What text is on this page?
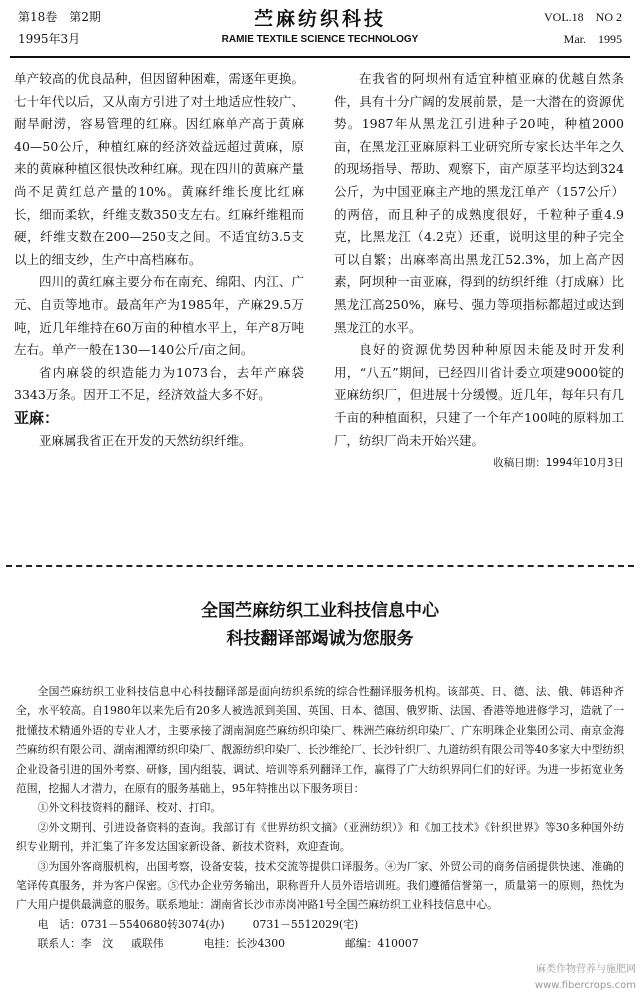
第18卷　第2期
1995年3月
苎麻纺织科技
RAMIE TEXTILE SCIENCE TECHNOLOGY
VOL.18　NO 2
Mar.　1995

单产较高的优良品种，但因留种困难，需逐年更换。七十年代以后，又从南方引进了对土地适应性较广、耐旱耐涝，容易管理的红麻。因红麻单产高于黄麻40—50公斤，种植红麻的经济效益远超过黄麻，原来的黄麻种植区很快改种红麻。现在四川的黄麻产量尚不足黄红总产量的10%。黄麻纤维长度比红麻长，细而柔软，纤维支数350支左右。红麻纤维粗而硬，纤维支数在200—250支之间。不适宜纺3.5支以上的细支纱，生产中高档麻布。

四川的黄红麻主要分布在南充、绵阳、内江、广元、自贡等地市。最高年产为1985年，产麻29.5万吨，近几年维持在60万亩的种植水平上，年产8万吨左右。单产一般在130—140公斤/亩之间。

省内麻袋的织造能力为1073台，去年产麻袋3343万条。因开工不足，经济效益大多不好。

亚麻：

亚麻属我省正在开发的天然纺织纤维。

在我省的阿坝州有适宜种植亚麻的优越自然条件，具有十分广阔的发展前景，是一大潜在的资源优势。1987年从黑龙江引进种子20吨，种植2000亩，在黑龙江亚麻原料工业研究所专家长达半年之久的现场指导、帮助、观察下，亩产原茎平均达到324公斤，为中国亚麻主产地的黑龙江单产（157公斤）的两倍，而且种子的成熟度很好，千粒种子重4.9克，比黑龙江（4.2克）还重，说明这里的种子完全可以自繁；出麻率高出黑龙江52.3%，加上高产因素，阿坝种一亩亚麻，得到的纺织纤维（打成麻）比黑龙江高250%，麻号、强力等项指标都超过或达到黑龙江的水平。

良好的资源优势因种种原因未能及时开发利用，“八五”期间，已经四川省计委立项建9000锭的亚麻纺织厂，但进展十分缓慢。近几年，每年只有几千亩的种植面积，只建了一个年产100吨的原料加工厂，纺织厂尚未开始兴建。

收稿日期：1994年10月3日

全国苎麻纺织工业科技信息中心
科技翻译部竭诚为您服务

全国苎麻纺织工业科技信息中心科技翻译部是面向纺织系统的综合性翻译服务机构。该部英、日、德、法、俄、韩语种齐全，水平较高。自1980年以来先后有20多人被选派到美国、英国、日本、德国、俄罗斯、法国、香港等地进修学习，造就了一批懂技术精通外语的专业人才，主要承接了湖南洞庭苎麻纺织印染厂、株洲苎麻纺织印染厂、广东明珠企业集团公司、南京金海苎麻纺织有限公司、湖南湘潭纺织印染厂、靓源纺织印染厂、长沙维纶厂、长沙针织厂、九道纺织有限公司等40多家大中型纺织企业设备引进的国外考察、研修，国内组装、调试、培训等系列翻译工作，赢得了广大纺织界同仁们的好评。为进一步拓宽业务范围，挖掘人才潜力，在原有的服务基础上，95年特推出以下服务项目：

①外文科技资料的翻译、校对、打印。

②外文期刊、引进设备资料的查询。我部订有《世界纺织文摘》（亚洲纺织）》和《加工技术》《针织世界》等30多种国外纺织专业期刊，并汇集了许多发达国家新设备、新技术资料，欢迎查询。

③为国外客商服机构，出国考察，设备安装，技术交流等提供口译服务。④为厂家、外贸公司的商务信函提供快速、准确的笔译传真服务，并为客户保密。⑤代办企业劳务输出，职称晋升人员外语培训班。我们遵循信誉第一，质量第一的原则，热忱为广大用户提供最满意的服务。联系地址：湖南省长沙市赤岗冲路1号全国苎麻纺织工业科技信息中心。

电　话： 0731－5540680转3074(办)	0731－5512029(宅)
联系人： 李　汶 戚联伟	电挂： 长沙4300	邮编： 410007
麻类作物营养与施肥网
www.fibercrops.com
